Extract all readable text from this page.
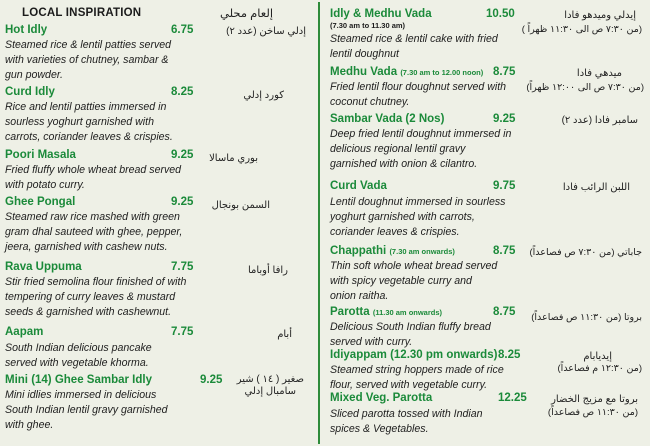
LOCAL INSPIRATION	إلعام محلي
Hot Idly	6.75	إدلي ساخن (عدد ٢)
Steamed rice & lentil patties served
with varieties of chutney, sambar &
gun powder.
Curd Idly	8.25	كورد إدلي
Rice and lentil patties immersed in
sourless yoghurt garnished with
carrots, coriander leaves & crispies.
Poori Masala	9.25 بوري ماسالا
Fried fluffy whole wheat bread served
with potato curry.
Ghee Pongal	9.25 السمن بونجال
Steamed raw rice mashed with green
gram dhal sauteed with ghee, pepper,
jeera, garnished with cashew nuts.
Rava Uppuma	7.75	رافا أوباما
Stir fried semolina flour finished of with
tempering of curry leaves & mustard
seeds & garnished with cashewnut.
Aapam	7.75	أبام
South Indian delicious pancake
served with vegetable khorma.
Mini (14) Ghee Sambar Idly	9.25 صغير ( ١٤ ) شير
سامبال إدلي
Mini idlies immersed in delicious
South Indian lentil gravy garnished
with ghee.
Idly & Medhu Vada	10.50
(7.30 am to 11.30 am)
إيدلي وميدهو فادا
(من ٧:٣٠ ص الى ١١:٣٠ ظهراً )
Steamed rice & lentil cake with fried
lentil doughnut
Medhu Vada (7.30 am to 12.00 noon) 8.75	ميدهي فادا
(من ٧:٣٠ ص الى ١٢:٠٠ ظهراً)
Fried lentil flour doughnut served with
coconut chutney.
Sambar Vada (2 Nos)	9.25	سامبر فادا (عدد ٢)
Deep fried lentil doughnut immersed in
delicious regional lentil gravy
garnished with onion & cilantro.
Curd Vada	9.75	اللبن الرائب فادا
Lentil doughnut immersed in sourless
yoghurt garnished with carrots,
coriander leaves & crispies.
Chappathi (7.30 am onwards)	8.75 جاباتي (من ٧:٣٠ ص فصاعداً)
Thin soft whole wheat bread served
with spicy vegetable curry and
onion raitha.
Parotta (11.30 am onwards)	8.75 بروتا (من ١١:٣٠ ص فصاعداً)
Delicious South Indian fluffy bread
served with curry.
Idiyappam (12.30 pm onwards) 8.25	إيديابام
(من ١٢:٣٠ م فصاعداً)
Steamed string hoppers made of rice
flour, served with vegetable curry.
Mixed Veg. Parotta	12.25 بروتا مع مزيج الخضار
(من ١١:٣٠ ص فصاعداً)
Sliced parotta tossed with Indian
spices & Vegetables.
